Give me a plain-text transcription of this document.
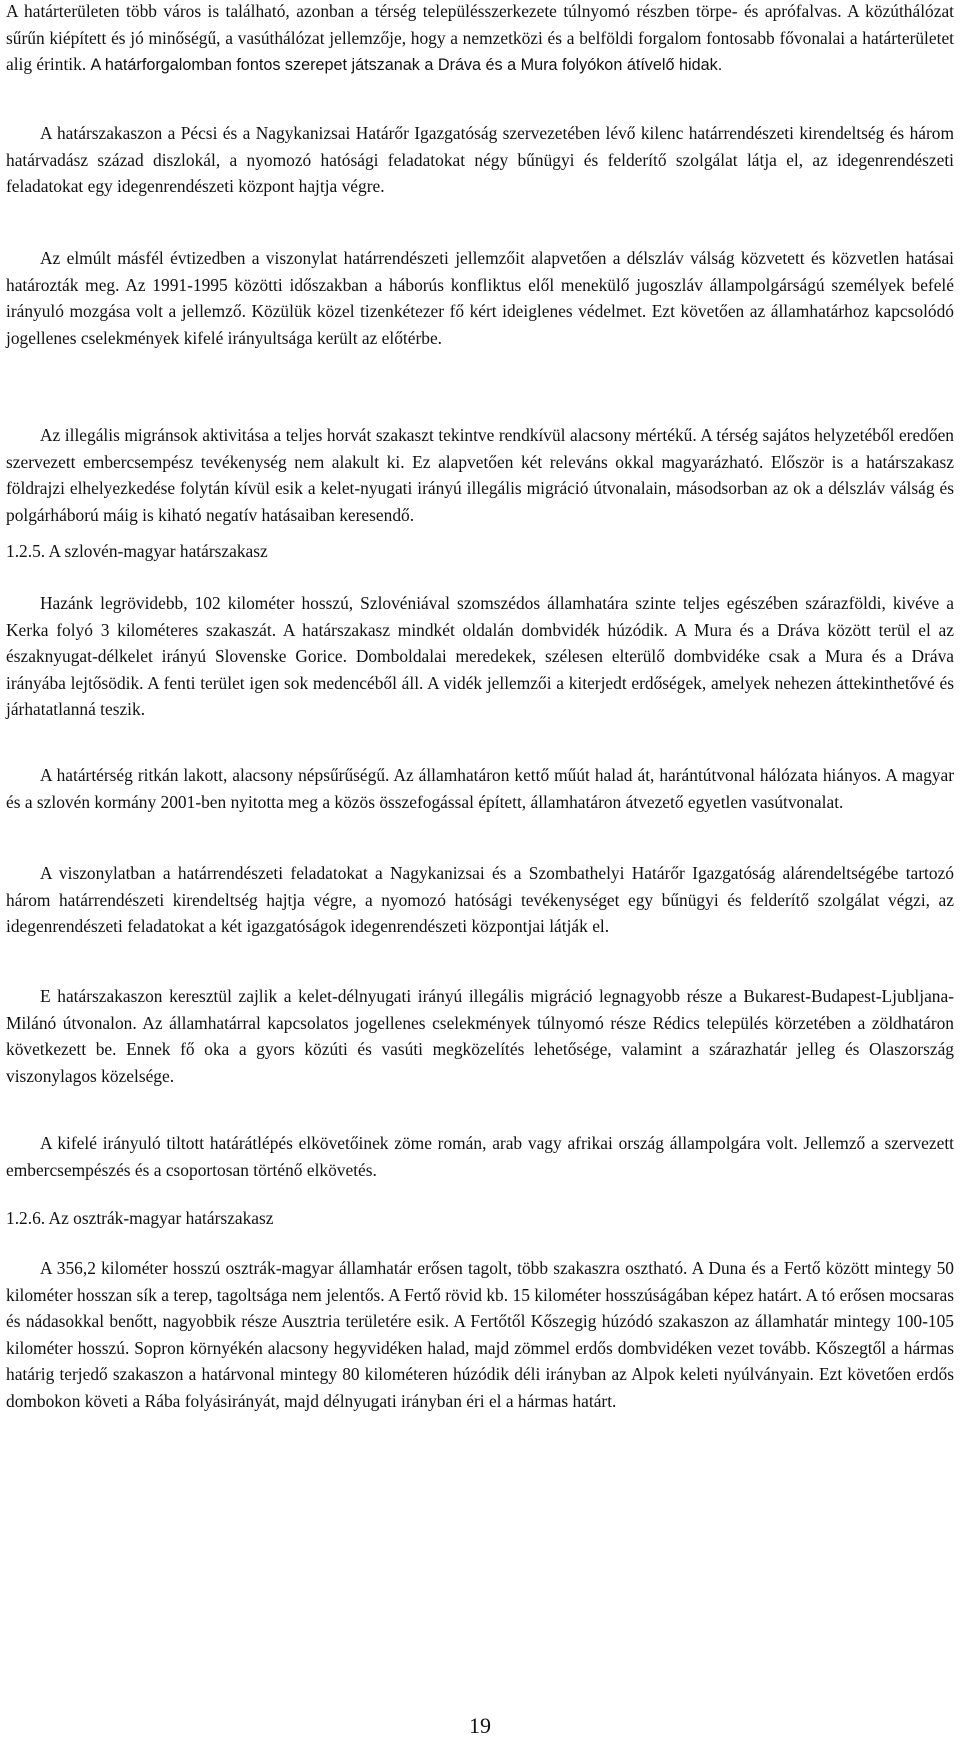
A határterületen több város is található, azonban a térség településszerkezete túlnyomó részben törpe- és aprófalvas. A közúthálózat sűrűn kiépített és jó minőségű, a vasúthálózat jellemzője, hogy a nemzetközi és a belföldi forgalom fontosabb fővonalai a határterületet alig érintik. A határforgalomban fontos szerepet játszanak a Dráva és a Mura folyókon átívelő hidak.

A határszakaszon a Pécsi és a Nagykanizsai Határőr Igazgatóság szervezetében lévő kilenc határrendészeti kirendeltség és három határvadász század diszlokál, a nyomozó hatósági feladatokat négy bűnügyi és felderítő szolgálat látja el, az idegenrendészeti feladatokat egy idegenrendészeti központ hajtja végre.

Az elmúlt másfél évtizedben a viszonylat határrendészeti jellemzőit alapvetően a délszláv válság közvetett és közvetlen hatásai határozták meg. Az 1991-1995 közötti időszakban a háborús konfliktus elől menekülő jugoszláv állampolgárságú személyek befelé irányuló mozgása volt a jellemző. Közülük közel tizenkétezer fő kért ideiglenes védelmet. Ezt követően az államhatárhoz kapcsolódó jogellenes cselekmények kifelé irányultsága került az előtérbe.

Az illegális migránsok aktivitása a teljes horvát szakaszt tekintve rendkívül alacsony mértékű. A térség sajátos helyzetéből eredően szervezett embercsempész tevékenység nem alakult ki. Ez alapvetően két releváns okkal magyarázható. Először is a határszakasz földrajzi elhelyezkedése folytán kívül esik a kelet-nyugati irányú illegális migráció útvonalain, másodsorban az ok a délszláv válság és polgárháború máig is kiható negatív hatásaiban keresendő.

1.2.5. A szlovén-magyar határszakasz

Hazánk legrövidebb, 102 kilométer hosszú, Szlovéniával szomszédos államhatára szinte teljes egészében szárazföldi, kivéve a Kerka folyó 3 kilométeres szakaszát. A határszakasz mindkét oldalán dombvidék húzódik. A Mura és a Dráva között terül el az északnyugat-délkelet irányú Slovenske Gorice. Domboldalai meredekek, szélesen elterülő dombvidéke csak a Mura és a Dráva irányába lejtősödik. A fenti terület igen sok medencéből áll. A vidék jellemzői a kiterjedt erdőségek, amelyek nehezen áttekinthetővé és járhatatlanná teszik.

A határtérség ritkán lakott, alacsony népsűrűségű. Az államhatáron kettő műút halad át, harántútvonal hálózata hiányos. A magyar és a szlovén kormány 2001-ben nyitotta meg a közös összefogással épített, államhatáron átvezető egyetlen vasútvonalat.

A viszonylatban a határrendészeti feladatokat a Nagykanizsai és a Szombathelyi Határőr Igazgatóság alárendeltségébe tartozó három határrendészeti kirendeltség hajtja végre, a nyomozó hatósági tevékenységet egy bűnügyi és felderítő szolgálat végzi, az idegenrendészeti feladatokat a két igazgatóságok idegenrendészeti központjai látják el.

E határszakaszon keresztül zajlik a kelet-délnyugati irányú illegális migráció legnagyobb része a Bukarest-Budapest-Ljubljana-Milánó útvonalon. Az államhatárral kapcsolatos jogellenes cselekmények túlnyomó része Rédics település körzetében a zöldhatáron következett be. Ennek fő oka a gyors közúti és vasúti megközelítés lehetősége, valamint a szárazhatár jelleg és Olaszország viszonylagos közelsége.

A kifelé irányuló tiltott határátlépés elkövetőinek zöme román, arab vagy afrikai ország állampolgára volt. Jellemző a szervezett embercsempészés és a csoportosan történő elkövetés.

1.2.6. Az osztrák-magyar határszakasz

A 356,2 kilométer hosszú osztrák-magyar államhatár erősen tagolt, több szakaszra osztható. A Duna és a Fertő között mintegy 50 kilométer hosszan sík a terep, tagoltsága nem jelentős. A Fertő rövid kb. 15 kilométer hosszúságában képez határt. A tó erősen mocsaras és nádasokkal benőtt, nagyobbik része Ausztria területére esik. A Fertőtől Kőszegig húzódó szakaszon az államhatár mintegy 100-105 kilométer hosszú. Sopron környékén alacsony hegyvidéken halad, majd zömmel erdős dombvidéken vezet tovább. Kőszegtől a hármas határig terjedő szakaszon a határvonal mintegy 80 kilométeren húzódik déli irányban az Alpok keleti nyúlványain. Ezt követően erdős dombokon követi a Rába folyásirányát, majd délnyugati irányban éri el a hármas határt.

19
